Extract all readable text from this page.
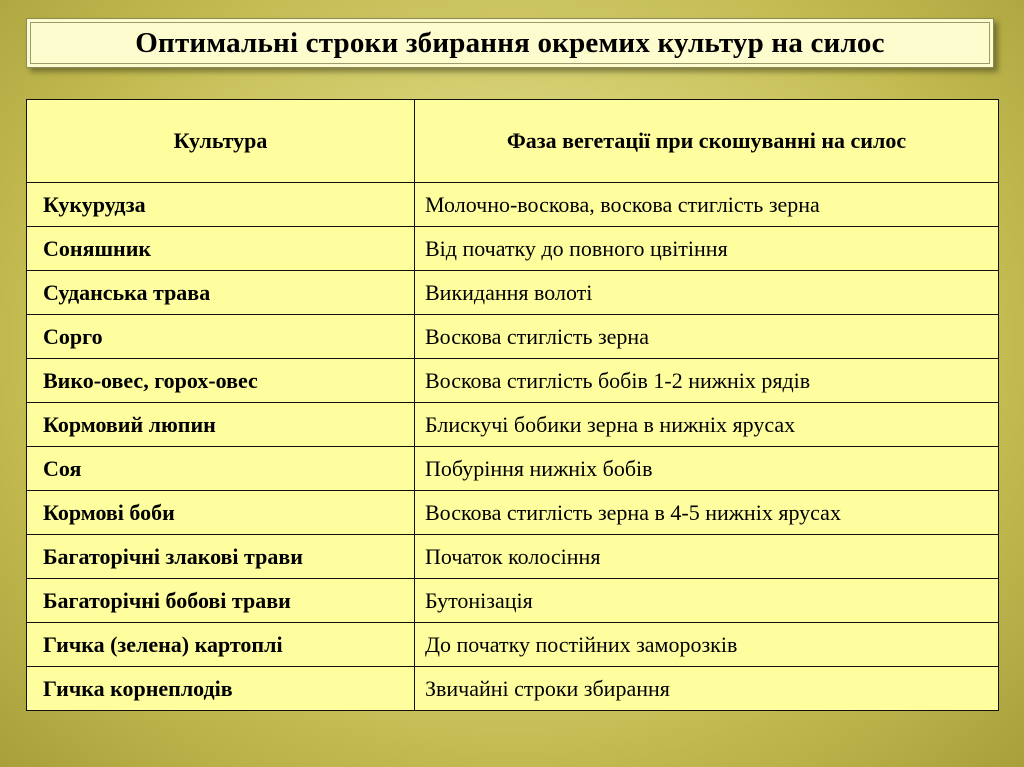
Оптимальні строки збирання окремих культур на силос
Культура	Фаза вегетації при скошуванні на силос
Кукурудза	Молочно-воскова, воскова стиглість зерна
Соняшник	Від початку до повного цвітіння
Суданська трава	Викидання волоті
Сорго	Воскова стиглість зерна
Вико-овес, горох-овес	Воскова стиглість бобів 1-2 нижніх рядів
Кормовий люпин	Блискучі бобики зерна в нижніх ярусах
Соя	Побуріння нижніх бобів
Кормові боби	Воскова стиглість зерна в 4-5 нижніх ярусах
Багаторічні злакові трави	Початок колосіння
Багаторічні бобові трави	Бутонізація
Гичка (зелена) картоплі	До початку постійних заморозків
Гичка корнеплодів	Звичайні строки збирання
